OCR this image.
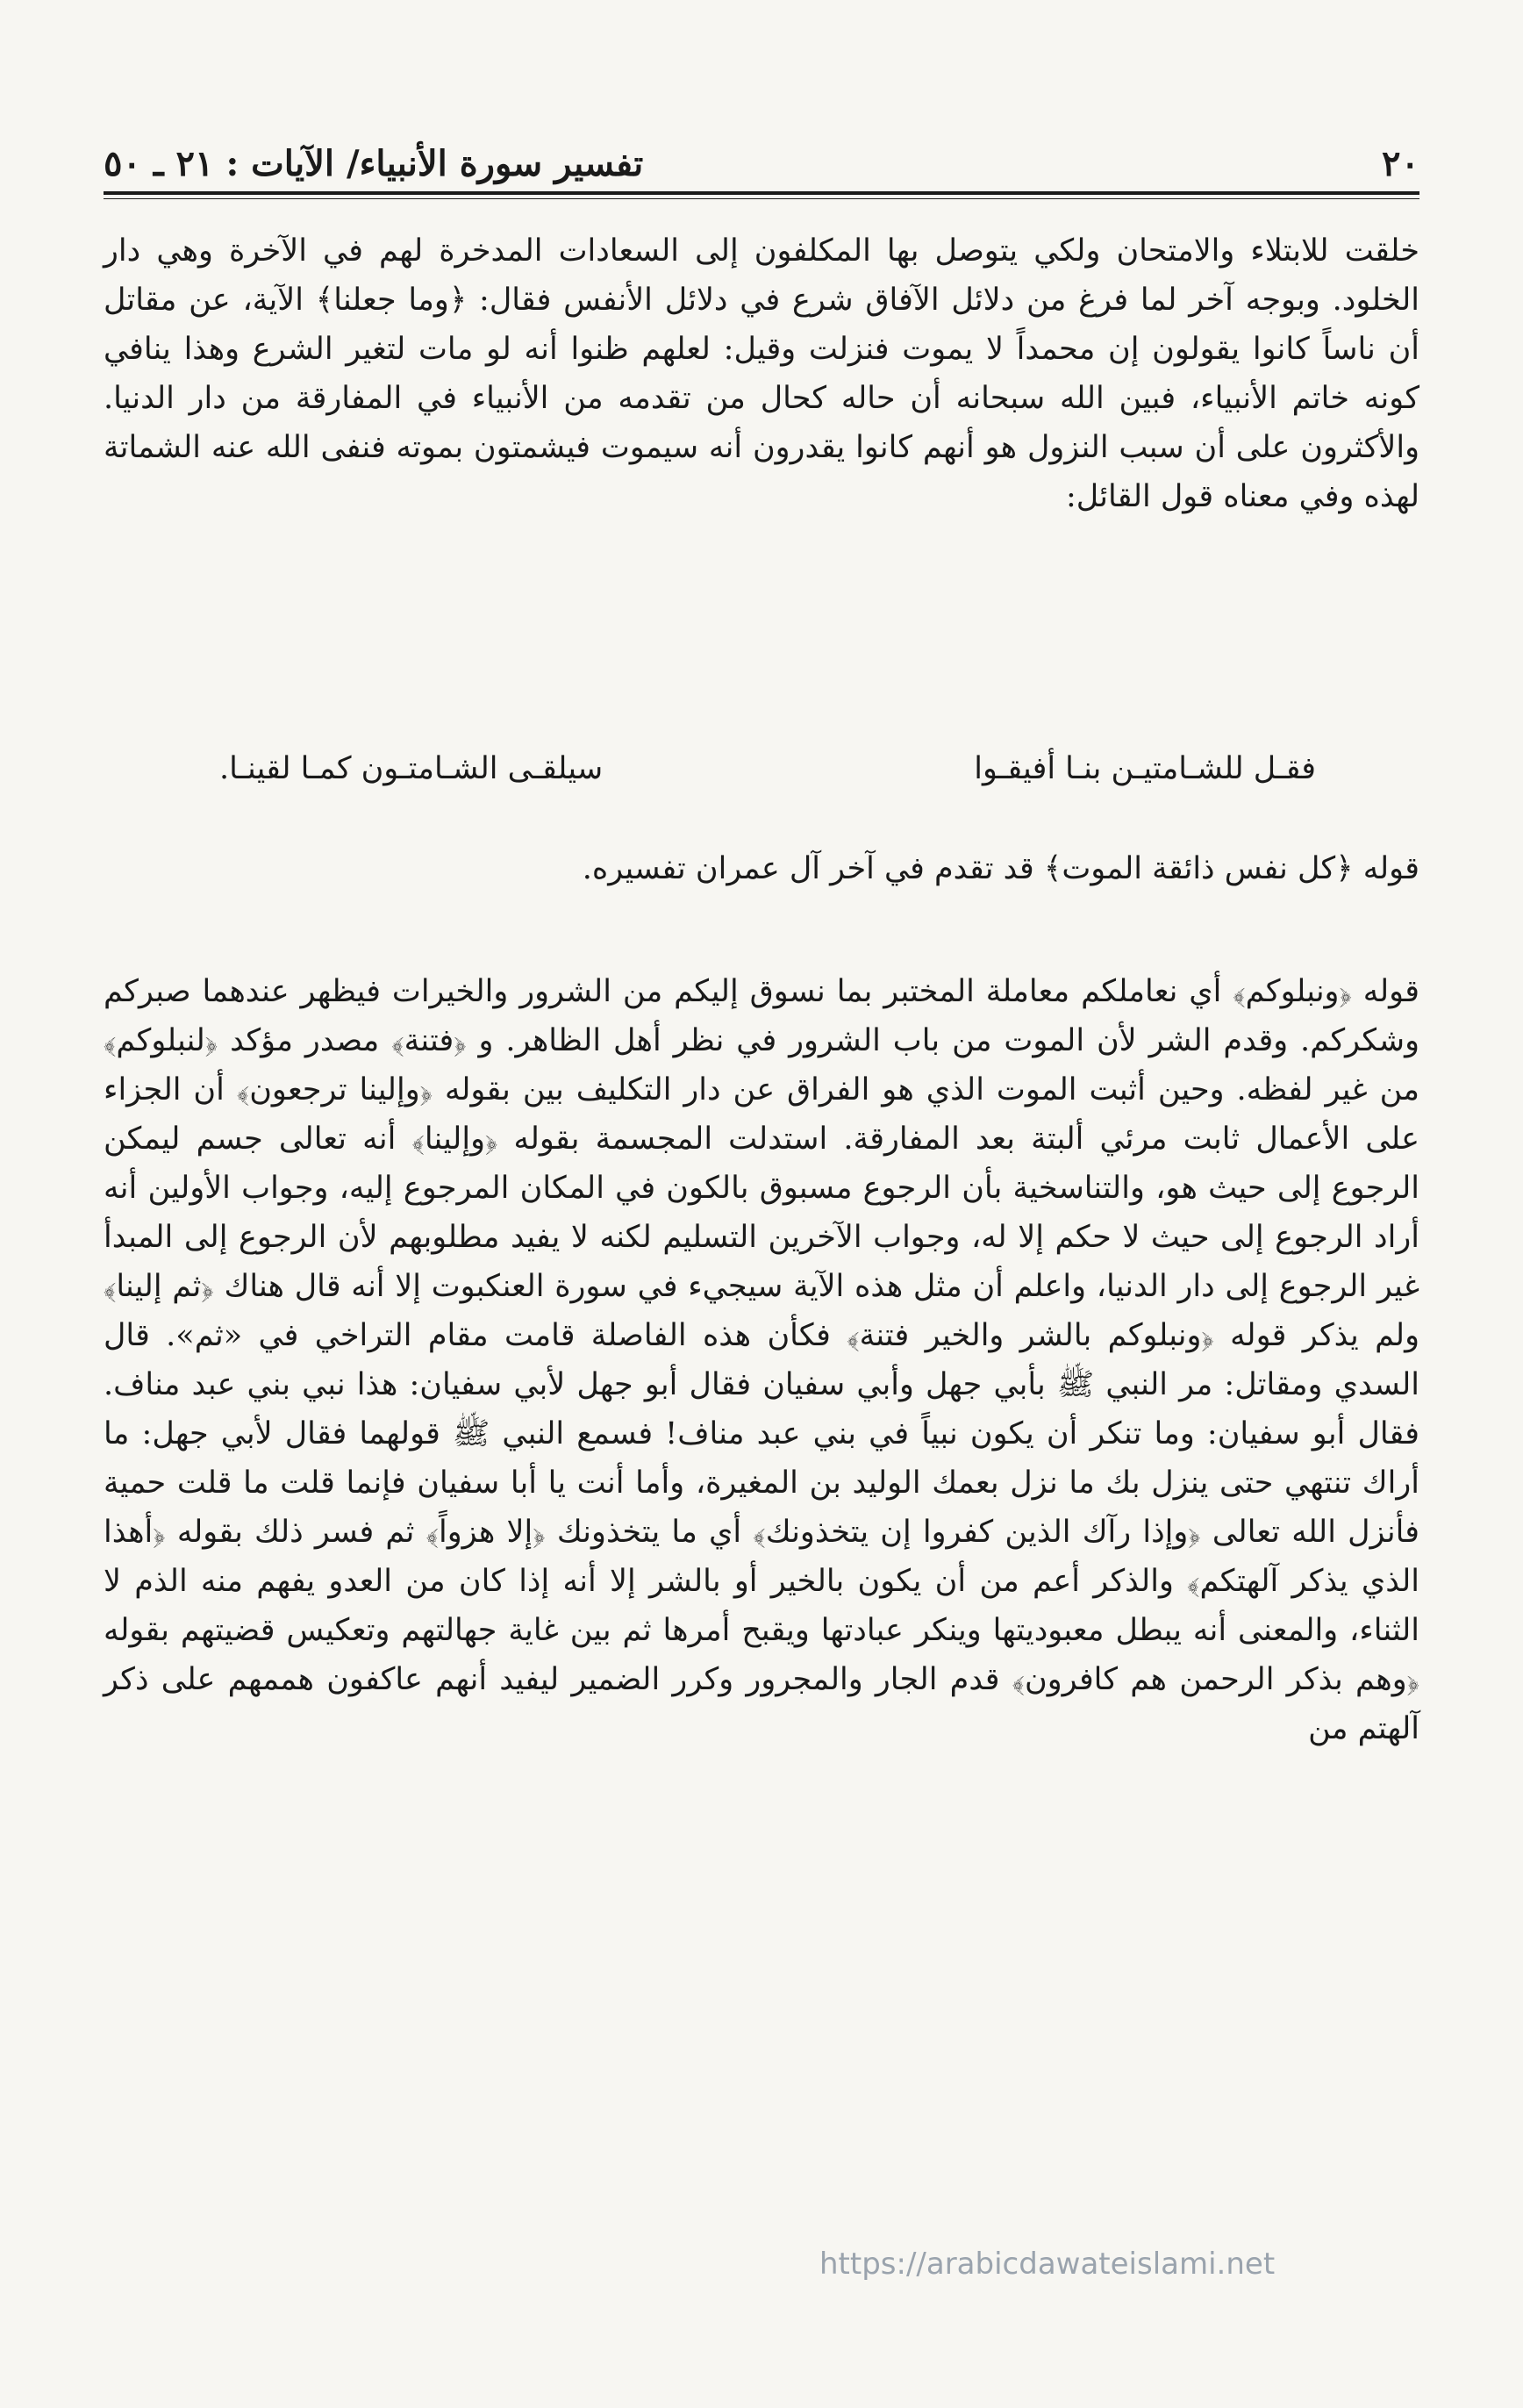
٢٠
تفسير سورة الأنبياء/ الآيات : ٢١ ـ ٥٠
خلقت للابتلاء والامتحان ولكي يتوصل بها المكلفون إلى السعادات المدخرة لهم في الآخرة وهي دار الخلود. وبوجه آخر لما فرغ من دلائل الآفاق شرع في دلائل الأنفس فقال: ﴿وما جعلنا﴾ الآية، عن مقاتل أن ناساً كانوا يقولون إن محمداً لا يموت فنزلت وقيل: لعلهم ظنوا أنه لو مات لتغير الشرع وهذا ينافي كونه خاتم الأنبياء، فبين الله سبحانه أن حاله كحال من تقدمه من الأنبياء في المفارقة من دار الدنيا. والأكثرون على أن سبب النزول هو أنهم كانوا يقدرون أنه سيموت فيشمتون بموته فنفى الله عنه الشماتة لهذه وفي معناه قول القائل:
فقـل للشـامتيـن بنـا أفيقـوا
سيلقـى الشـامتـون كمـا لقينـا.
قوله ﴿كل نفس ذائقة الموت﴾ قد تقدم في آخر آل عمران تفسيره.
قوله ﴿ونبلوكم﴾ أي نعاملكم معاملة المختبر بما نسوق إليكم من الشرور والخيرات فيظهر عندهما صبركم وشكركم. وقدم الشر لأن الموت من باب الشرور في نظر أهل الظاهر. و ﴿فتنة﴾ مصدر مؤكد ﴿لنبلوكم﴾ من غير لفظه. وحين أثبت الموت الذي هو الفراق عن دار التكليف بين بقوله ﴿وإلينا ترجعون﴾ أن الجزاء على الأعمال ثابت مرئي ألبتة بعد المفارقة. استدلت المجسمة بقوله ﴿وإلينا﴾ أنه تعالى جسم ليمكن الرجوع إلى حيث هو، والتناسخية بأن الرجوع مسبوق بالكون في المكان المرجوع إليه، وجواب الأولين أنه أراد الرجوع إلى حيث لا حكم إلا له، وجواب الآخرين التسليم لكنه لا يفيد مطلوبهم لأن الرجوع إلى المبدأ غير الرجوع إلى دار الدنيا، واعلم أن مثل هذه الآية سيجيء في سورة العنكبوت إلا أنه قال هناك ﴿ثم إلينا﴾ ولم يذكر قوله ﴿ونبلوكم بالشر والخير فتنة﴾ فكأن هذه الفاصلة قامت مقام التراخي في «ثم». قال السدي ومقاتل: مر النبي ﷺ بأبي جهل وأبي سفيان فقال أبو جهل لأبي سفيان: هذا نبي بني عبد مناف. فقال أبو سفيان: وما تنكر أن يكون نبياً في بني عبد مناف! فسمع النبي ﷺ قولهما فقال لأبي جهل: ما أراك تنتهي حتى ينزل بك ما نزل بعمك الوليد بن المغيرة، وأما أنت يا أبا سفيان فإنما قلت ما قلت حمية فأنزل الله تعالى ﴿وإذا رآك الذين كفروا إن يتخذونك﴾ أي ما يتخذونك ﴿إلا هزواً﴾ ثم فسر ذلك بقوله ﴿أهذا الذي يذكر آلهتكم﴾ والذكر أعم من أن يكون بالخير أو بالشر إلا أنه إذا كان من العدو يفهم منه الذم لا الثناء، والمعنى أنه يبطل معبوديتها وينكر عبادتها ويقبح أمرها ثم بين غاية جهالتهم وتعكيس قضيتهم بقوله ﴿وهم بذكر الرحمن هم كافرون﴾ قدم الجار والمجرور وكرر الضمير ليفيد أنهم عاكفون هممهم على ذكر آلهتم من
https://arabicdawateislami.net
